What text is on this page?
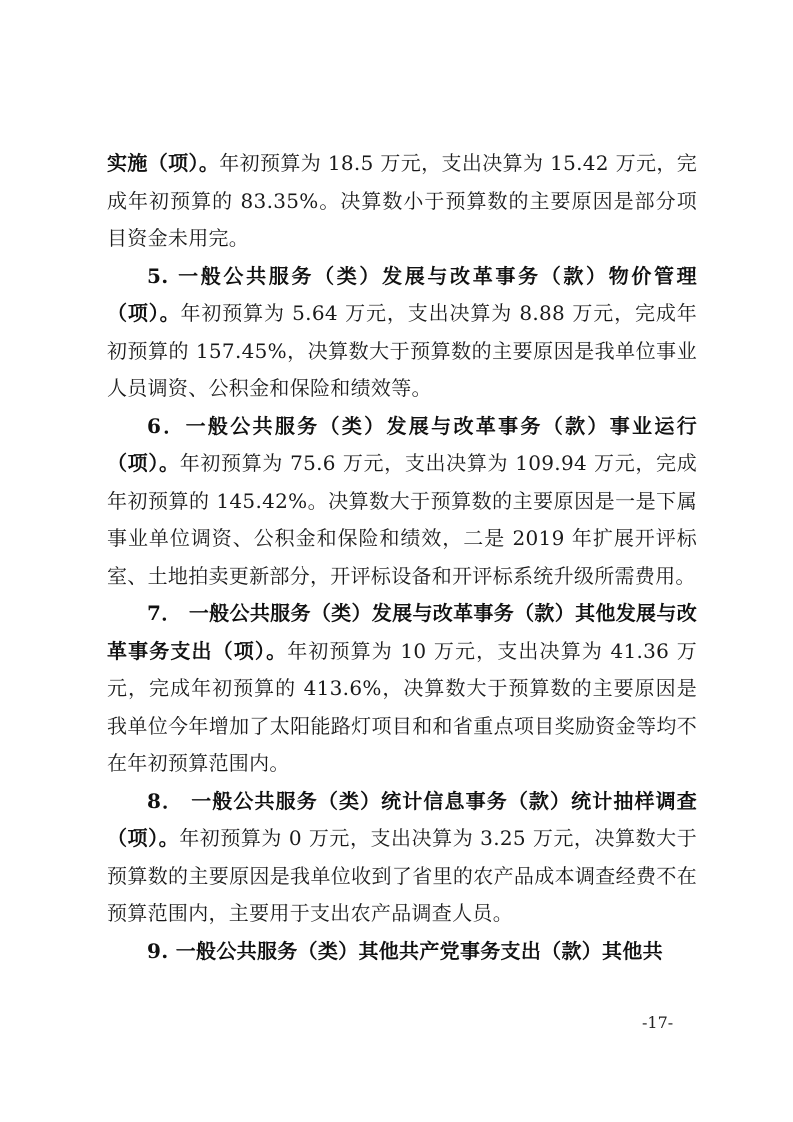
实施（项）。年初预算为 18.5 万元，支出决算为 15.42 万元，完成年初预算的 83.35%。决算数小于预算数的主要原因是部分项目资金未用完。

5. 一般公共服务（类）发展与改革事务（款）物价管理（项）。年初预算为 5.64 万元，支出决算为 8.88 万元，完成年初预算的 157.45%，决算数大于预算数的主要原因是我单位事业人员调资、公积金和保险和绩效等。

6．一般公共服务（类）发展与改革事务（款）事业运行（项）。年初预算为 75.6 万元，支出决算为 109.94 万元，完成年初预算的 145.42%。决算数大于预算数的主要原因是一是下属事业单位调资、公积金和保险和绩效，二是 2019 年扩展开评标室、土地拍卖更新部分，开评标设备和开评标系统升级所需费用。

7． 一般公共服务（类）发展与改革事务（款）其他发展与改革事务支出（项）。年初预算为 10 万元，支出决算为 41.36 万元，完成年初预算的 413.6%，决算数大于预算数的主要原因是我单位今年增加了太阳能路灯项目和和省重点项目奖励资金等均不在年初预算范围内。

8． 一般公共服务（类）统计信息事务（款）统计抽样调查（项）。年初预算为 0 万元，支出决算为 3.25 万元，决算数大于预算数的主要原因是我单位收到了省里的农产品成本调查经费不在预算范围内，主要用于支出农产品调查人员。

9. 一般公共服务（类）其他共产党事务支出（款）其他共

-17-
